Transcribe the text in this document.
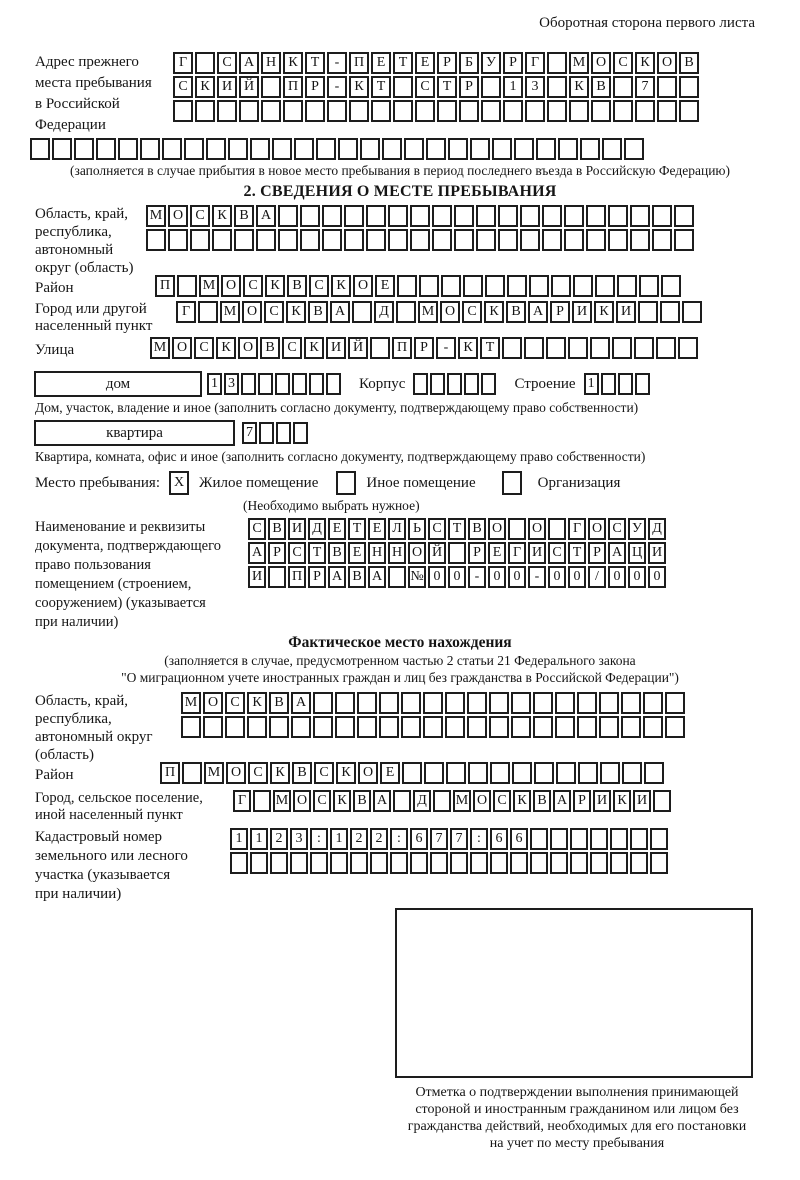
Оборотная сторона первого листа
Адрес прежнего
места пребывания
в Российской
Федерации
Г	С А Н К Т	-	П Е Т Е Р	Б У Р	Г	М О С К О В
С К И Й	П Р	-	К Т	С Т Р	1	3	К В	7
(заполняется в случае прибытия в новое место пребывания в период последнего въезда в Российскую Федерацию)
2. СВЕДЕНИЯ О МЕСТЕ ПРЕБЫВАНИЯ
Область, край,
республика,
автономный
округ (область)
М О С К В А
Район	П	М О С К В С К О Е
Город или другой
населенный пункт
Г	М О С К В А	Д	М О С К В А Р И К И
Улица	М О С К О В С К И Й	П Р	-	К Т
дом	1 3	Корпус	Строение 1
Дом, участок, владение и иное (заполнить согласно документу, подтверждающему право собственности)
квартира	7
Квартира, комната, офис и иное (заполнить согласно документу, подтверждающему право собственности)
Место пребывания: X Жилое помещение	Иное помещение	Организация
(Необходимо выбрать нужное)
Наименование и реквизиты
документа, подтверждающего
право пользования
помещением (строением,
сооружением) (указывается
при наличии)
С В И Д Е Т Е Л Ь С Т В О О	Г О С У Д
А Р С Т В Е Н Н О Й	Р Е Г И С Т Р А Ц И
И П Р А В А № 0 0	-	0 0	-	0 0	/	0 0 0
Фактическое место нахождения
(заполняется в случае, предусмотренном частью 2 статьи 21 Федерального закона
"О миграционном учете иностранных граждан и лиц без гражданства в Российской Федерации")
Область, край,
республика,
автономный округ
(область)
М О С К В А
Район	П	М О С К В С К О Е
Город, сельское поселение,
иной населенный пункт
Г	М О С К В А	Д	М О С К В А Р И К И
Кадастровый номер
земельного или лесного
участка (указывается
при наличии)
1 1 2 3	:	1 2 2	:	6 7 7	:	6 6
Отметка о подтверждении выполнения принимающей
стороной и иностранным гражданином или лицом без
гражданства действий, необходимых для его постановки
на учет по месту пребывания
